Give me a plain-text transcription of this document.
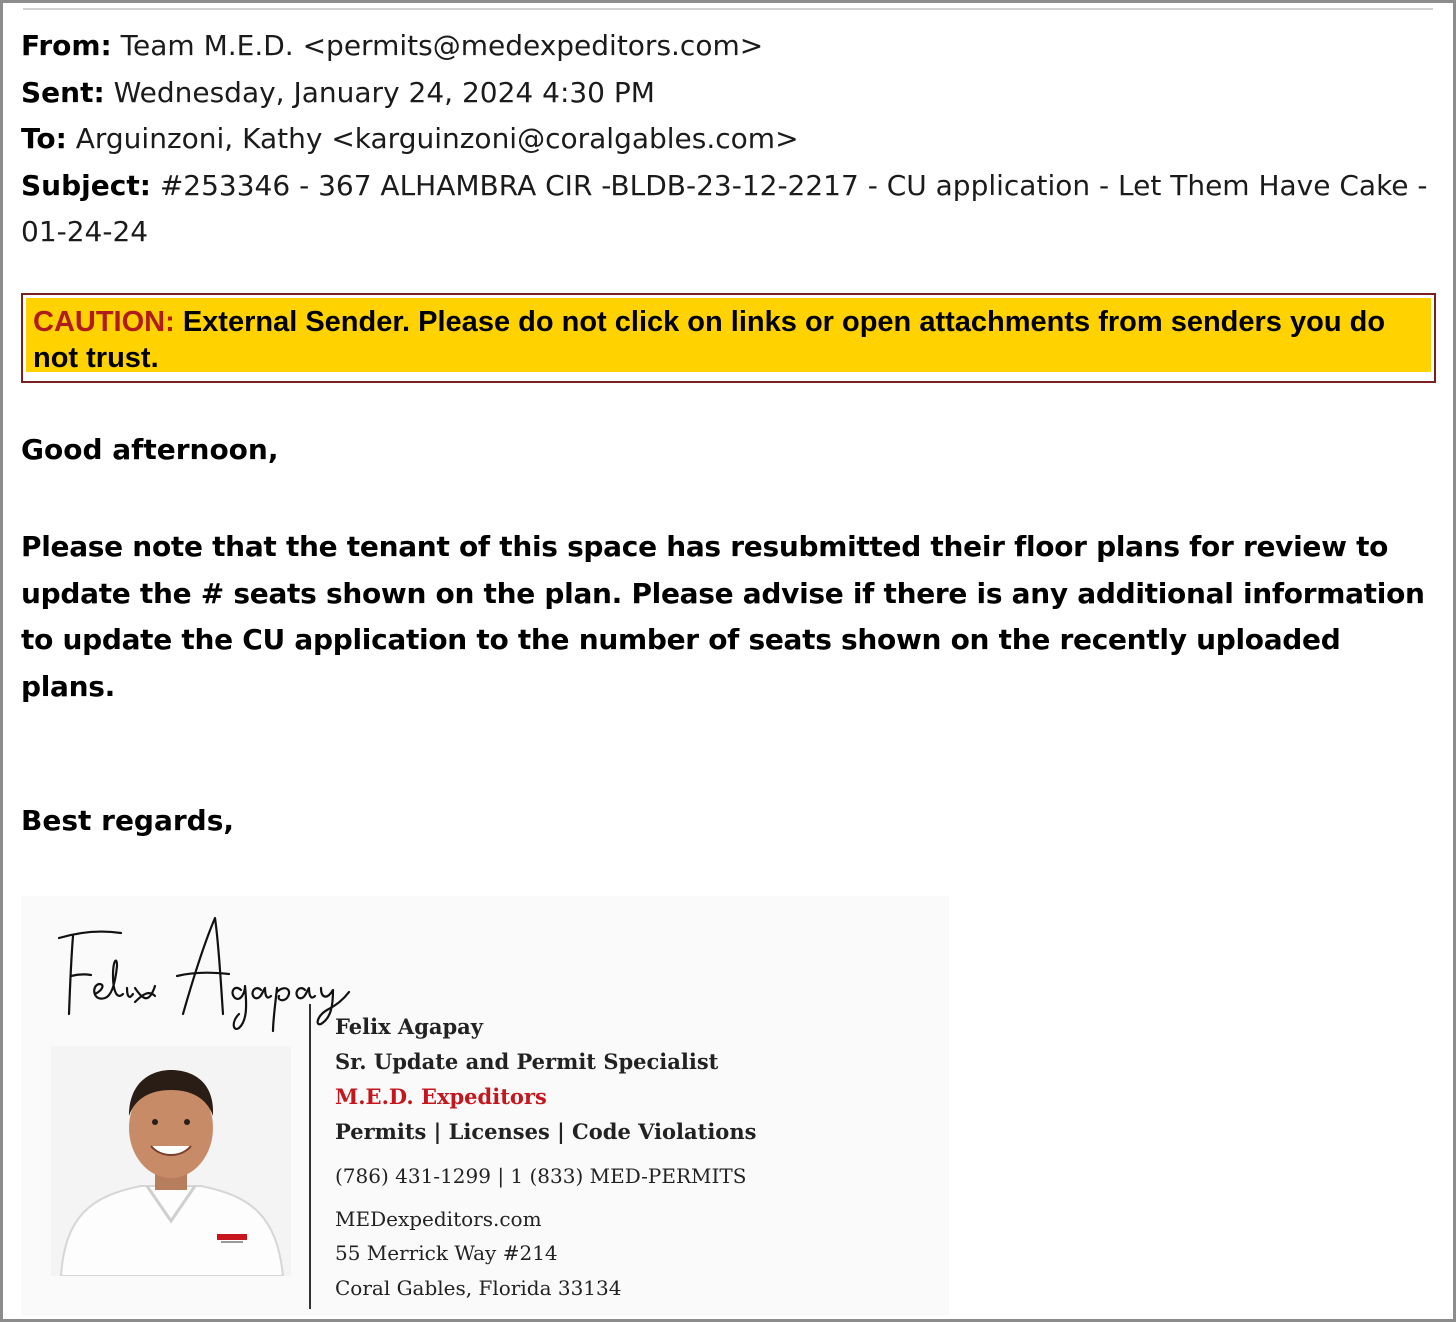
From: Team M.E.D. <permits@medexpeditors.com>
Sent: Wednesday, January 24, 2024 4:30 PM
To: Arguinzoni, Kathy <karguinzoni@coralgables.com>
Subject: #253346 - 367 ALHAMBRA CIR -BLDB-23-12-2217 - CU application - Let Them Have Cake - 01-24-24
CAUTION: External Sender. Please do not click on links or open attachments from senders you do not trust.
Good afternoon,
Please note that the tenant of this space has resubmitted their floor plans for review to update the # seats shown on the plan. Please advise if there is any additional information to update the CU application to the number of seats shown on the recently uploaded plans.
Best regards,
Felix Agapay
Sr. Update and Permit Specialist
M.E.D. Expeditors
Permits | Licenses | Code Violations
(786) 431-1299 | 1 (833) MED-PERMITS
MEDexpeditors.com
55 Merrick Way #214
Coral Gables, Florida 33134
